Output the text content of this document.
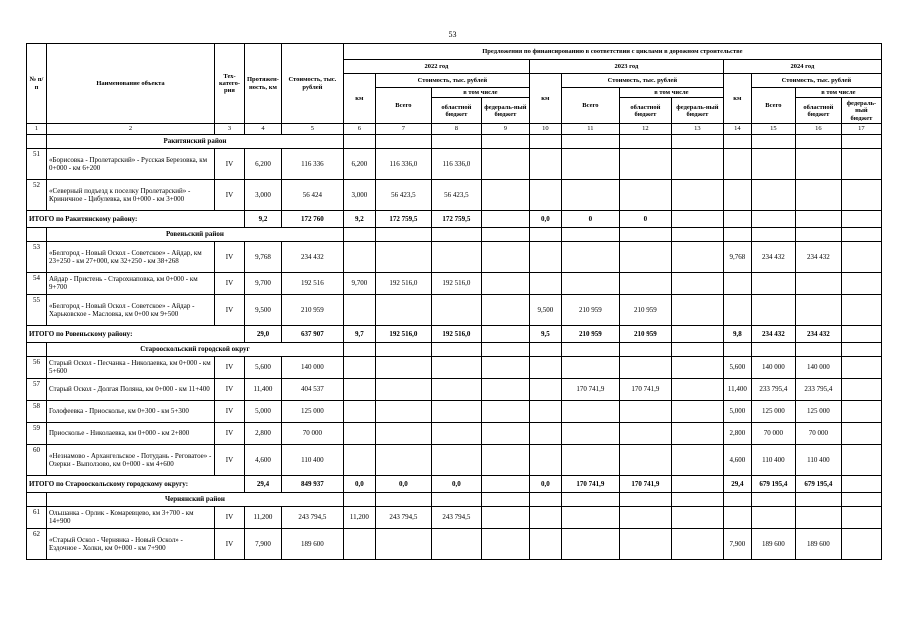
53
№ п/п	Наименование объекта	Тех-катего-рия	Протяжен-ность, км	Стоимость, тыс. рублей	Предложения по финансированию в соответствии с циклами в дорожном строительстве											
					2022 год				2023 год				2024 год			
					км	Стоимость, тыс. рублей			км	Стоимость, тыс. рублей			км	Стоимость, тыс. рублей		
						Всего	в том числе			Всего	в том числе			Всего	в том числе	
							областной бюджет	федераль-ный бюджет			областной бюджет	федераль-ный бюджет			областной бюджет	федераль-ный бюджет
1	2	3	4	5	6	7	8	9	10	11	12	13	14	15	16	17
	Ракитянский район															
51	«Борисовка - Пролетарский» - Русская Березовка, км 0+000 - км 6+200	IV	6,200	116 336	6,200	116 336,0	116 336,0									
52	«Северный подъезд к поселку Пролетарский» - Криничное - Цибулевка, км 0+000 - км 3+000	IV	3,000	56 424	3,000	56 423,5	56 423,5									
ИТОГО по Ракитянскому району:			9,2	172 760	9,2	172 759,5	172 759,5		0,0	0	0					
	Ровеньский район															
53	«Белгород - Новый Оскол - Советское» - Айдар, км 23+250 - км 27+000, км 32+250 - км 38+268	IV	9,768	234 432									9,768	234 432	234 432	
54	Айдар - Пристень - Старохнаповка, км 0+000 - км 9+700	IV	9,700	192 516	9,700	192 516,0	192 516,0									
55	«Белгород - Новый Оскол - Советское» - Айдар - Харьковское - Масловка, км 0+00 км 9+500	IV	9,500	210 959					9,500	210 959	210 959					
ИТОГО по Ровеньскому району:			29,0	637 907	9,7	192 516,0	192 516,0		9,5	210 959	210 959		9,8	234 432	234 432	
	Старооскольский городской округ															
56	Старый Оскол - Песчанка - Николаевка, км 0+000 - км 5+600	IV	5,600	140 000									5,600	140 000	140 000	
57	Старый Оскол - Долгая Поляна, км 0+000 - км 11+400	IV	11,400	404 537						170 741,9	170 741,9		11,400	233 795,4	233 795,4	
58	Голофеевка - Приосколье, км 0+300 - км 5+300	IV	5,000	125 000									5,000	125 000	125 000	
59	Приосколье - Николаевка, км 0+000 - км 2+800	IV	2,800	70 000									2,800	70 000	70 000	
60	«Незнамово - Архангельское - Потудань - Реговатое» - Озерки - Выползово, км 0+000 - км 4+600	IV	4,600	110 400									4,600	110 400	110 400	
ИТОГО по Старооскольскому городскому округу:			29,4	849 937	0,0	0,0	0,0		0,0	170 741,9	170 741,9		29,4	679 195,4	679 195,4	
	Чернянский район															
61	Ольшанка - Орлик - Комаревцево, км 3+700 - км 14+900	IV	11,200	243 794,5	11,200	243 794,5	243 794,5									
62	«Старый Оскол - Чернянка - Новый Оскол» - Ездочное - Холки, км 0+000 - км 7+900	IV	7,900	189 600									7,900	189 600	189 600	
